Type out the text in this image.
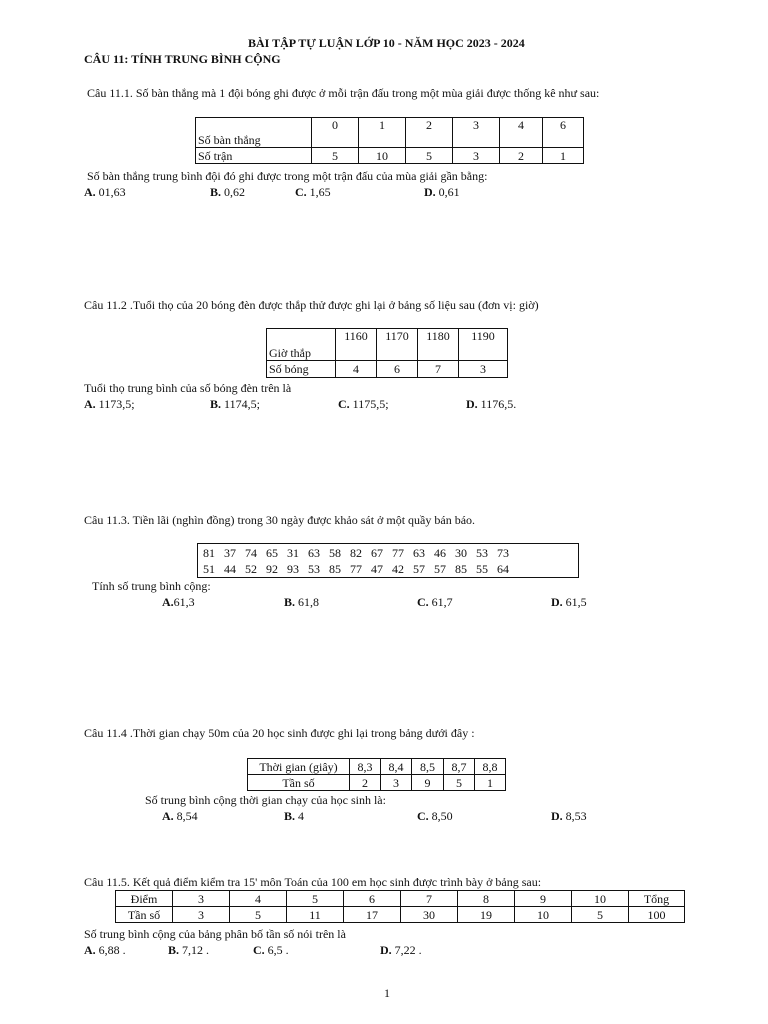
BÀI TẬP TỰ LUẬN LỚP 10 - NĂM HỌC 2023 - 2024
CÂU 11: TÍNH TRUNG BÌNH CỘNG
Câu 11.1. Số bàn thắng mà 1 đội bóng ghi được ở mỗi trận đấu trong một mùa giải được thống kê như sau:
Số bàn thắng	0	1	2	3	4	6
Số trận	5	10	5	3	2	1
Số bàn thắng trung bình đội đó ghi được trong một trận đấu của mùa giải gần bằng:
A. 01,63	B. 0,62	C. 1,65	D. 0,61
Câu 11.2 .Tuổi thọ của 20 bóng đèn được thắp thử được ghi lại ở bảng số liệu sau (đơn vị: giờ)
Giờ thắp	1160	1170	1180	1190
Số bóng	4	6	7	3
Tuổi thọ trung bình của số bóng đèn trên là
A. 1173,5;	B. 1174,5;	C. 1175,5;	D. 1176,5.
Câu 11.3. Tiền lãi (nghìn đồng) trong 30 ngày được khảo sát ở một quầy bán báo.
81   37   74   65   31   63   58   82   67   77   63   46   30   53   73
51   44   52   92   93   53   85   77   47   42   57   57   85   55   64
Tính số trung bình cộng:
A.61,3	B. 61,8	C. 61,7	D. 61,5
Câu 11.4 .Thời gian chạy 50m của 20 học sinh được ghi lại trong bảng dưới đây :
Thời gian (giây)	8,3	8,4	8,5	8,7	8,8
Tần số	2	3	9	5	1
Số trung bình cộng thời gian chạy của học sinh là:
A. 8,54	B. 4	C. 8,50	D. 8,53
Câu 11.5. Kết quả điểm kiểm tra 15' môn Toán của 100 em học sinh được trình bày ở bảng sau:
Điểm	3	4	5	6	7	8	9	10	Tổng
Tần số	3	5	11	17	30	19	10	5	100
Số trung bình cộng của bảng phân bố tần số nói trên là
A. 6,88 .	B. 7,12 .	C. 6,5 .	D. 7,22 .
1
